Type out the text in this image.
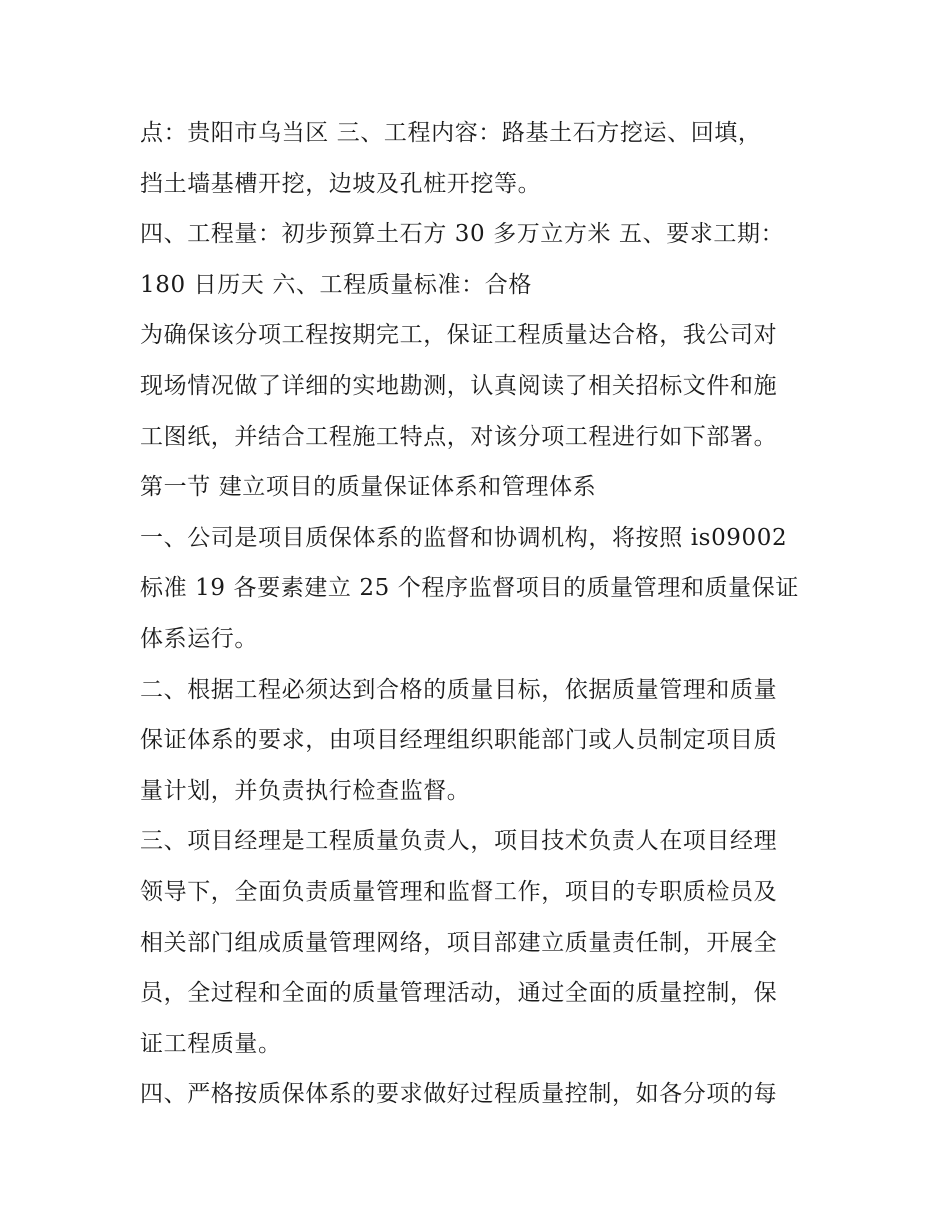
点：贵阳市乌当区 三、工程内容：路基土石方挖运、回填，
挡土墙基槽开挖，边坡及孔桩开挖等。
四、工程量：初步预算土石方 30 多万立方米 五、要求工期：
180 日历天 六、工程质量标准：合格
为确保该分项工程按期完工，保证工程质量达合格，我公司对
现场情况做了详细的实地勘测，认真阅读了相关招标文件和施
工图纸，并结合工程施工特点，对该分项工程进行如下部署。
第一节 建立项目的质量保证体系和管理体系
一、公司是项目质保体系的监督和协调机构，将按照 is09002
标准 19 各要素建立 25 个程序监督项目的质量管理和质量保证
体系运行。
二、根据工程必须达到合格的质量目标，依据质量管理和质量
保证体系的要求，由项目经理组织职能部门或人员制定项目质
量计划，并负责执行检查监督。
三、项目经理是工程质量负责人，项目技术负责人在项目经理
领导下，全面负责质量管理和监督工作，项目的专职质检员及
相关部门组成质量管理网络，项目部建立质量责任制，开展全
员，全过程和全面的质量管理活动，通过全面的质量控制，保
证工程质量。
四、严格按质保体系的要求做好过程质量控制，如各分项的每
